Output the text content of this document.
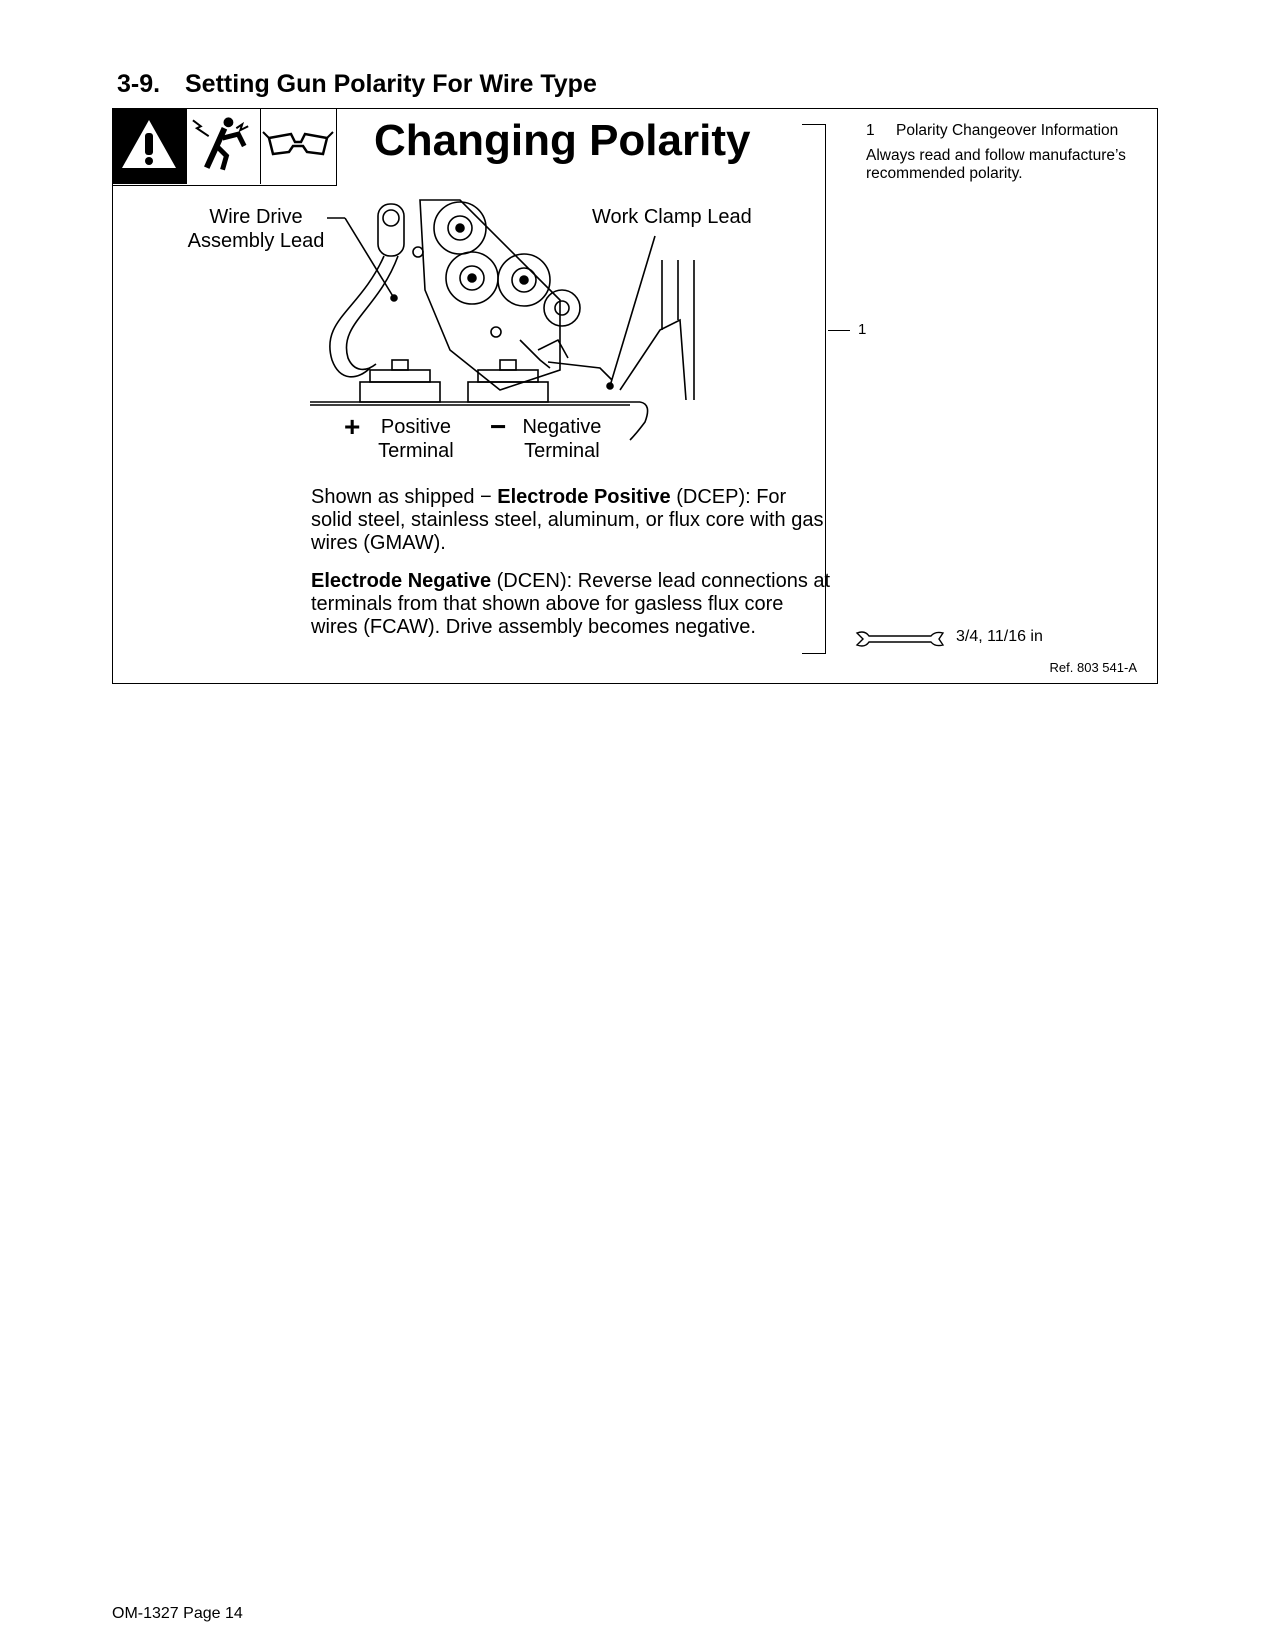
3-9. Setting Gun Polarity For Wire Type
Changing Polarity
Wire Drive Assembly Lead
Work Clamp Lead
+ Positive Terminal
− Negative Terminal
Shown as shipped − Electrode Positive (DCEP): For solid steel, stainless steel, aluminum, or flux core with gas wires (GMAW).
Electrode Negative (DCEN): Reverse lead connections at terminals from that shown above for gasless flux core wires (FCAW). Drive assembly becomes negative.
1
1 Polarity Changeover Information
Always read and follow manufacture’s recommended polarity.
3/4, 11/16 in
Ref. 803 541-A
OM-1327 Page 14
